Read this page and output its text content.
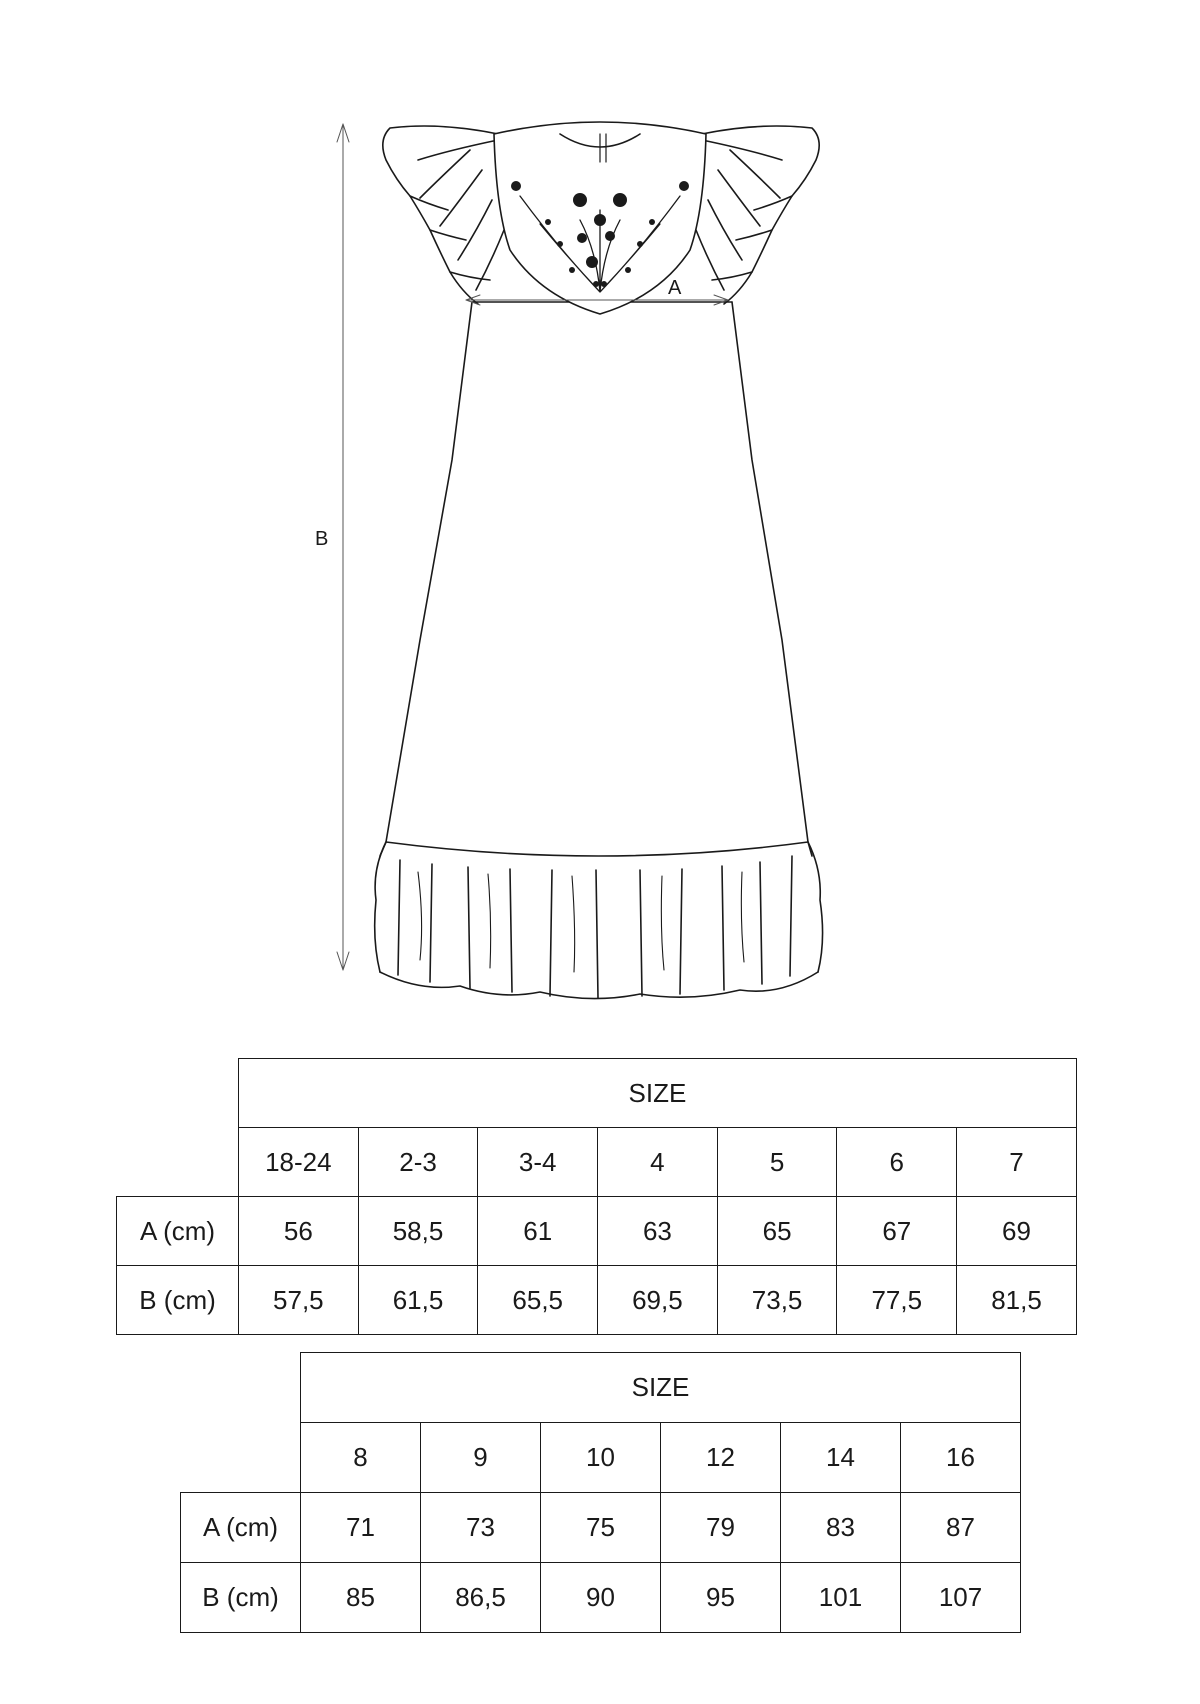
B
A
	SIZE						
	18-24	2-3	3-4	4	5	6	7
A (cm)	56	58,5	61	63	65	67	69
B (cm)	57,5	61,5	65,5	69,5	73,5	77,5	81,5
	SIZE					
	8	9	10	12	14	16
A (cm)	71	73	75	79	83	87
B (cm)	85	86,5	90	95	101	107
